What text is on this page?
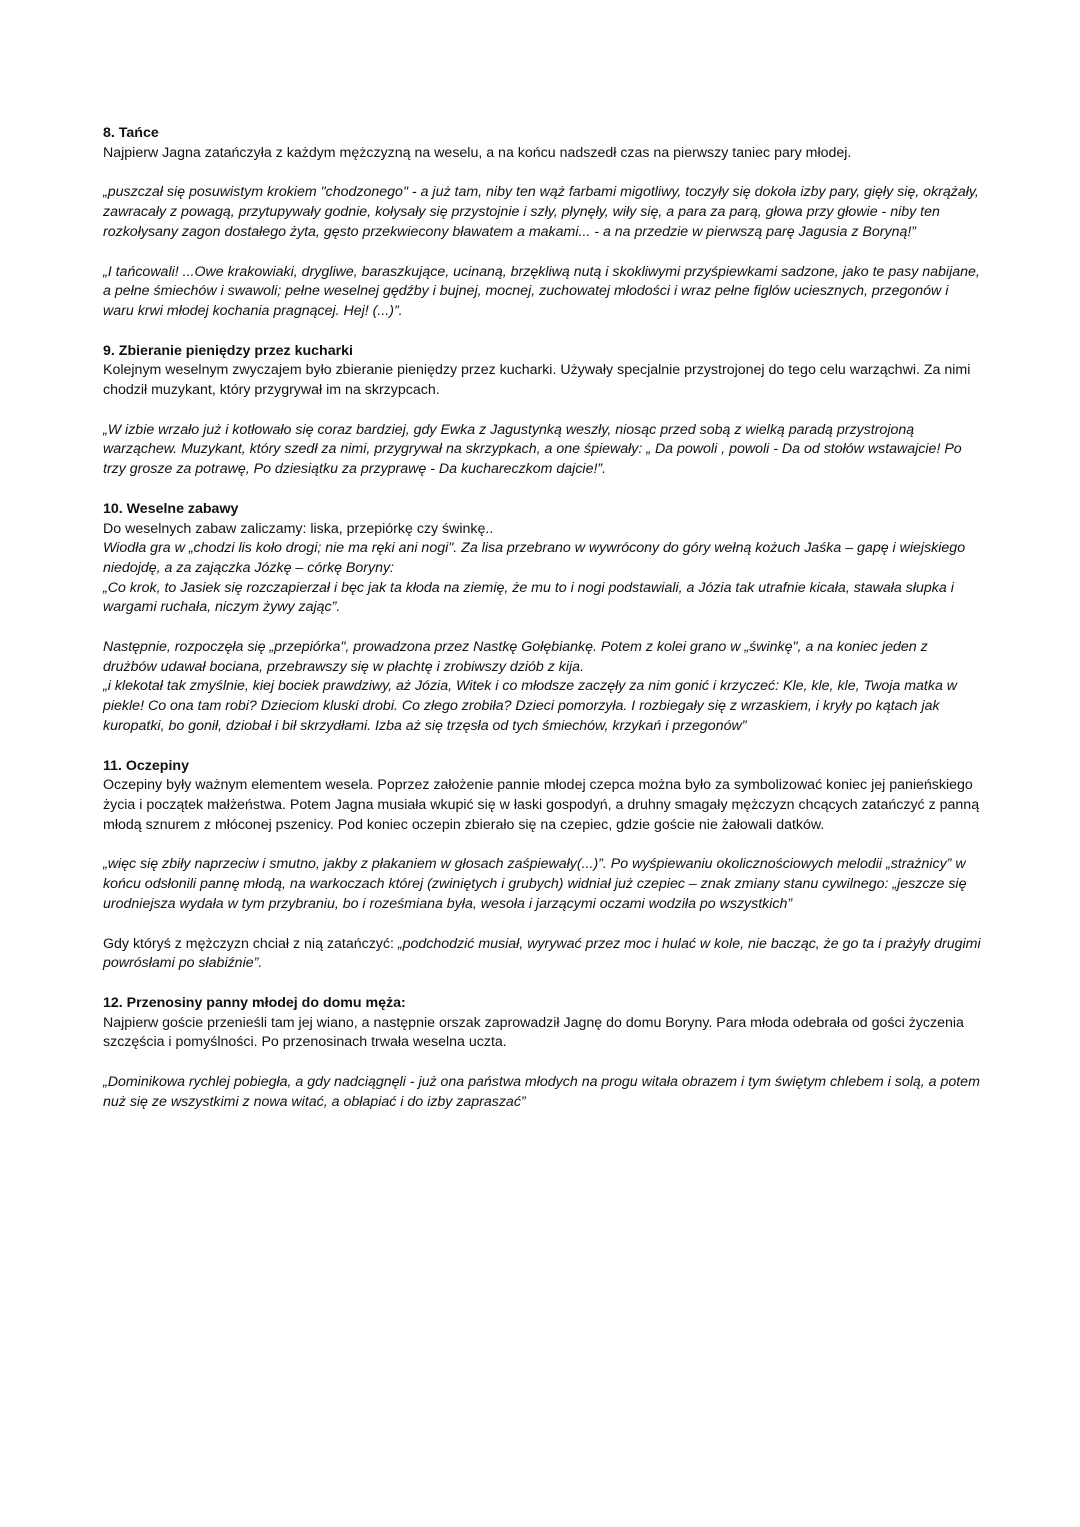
8. Tańce

Najpierw Jagna zatańczyła z każdym mężczyzną na weselu, a na końcu nadszedł czas na pierwszy taniec pary młodej.

„puszczał się posuwistym krokiem "chodzonego" - a już tam, niby ten wąż farbami migotliwy, toczyły się dokoła izby pary, gięły się, okrążały, zawracały z powagą, przytupywały godnie, kołysały się przystojnie i szły, płynęły, wiły się, a para za parą, głowa przy głowie - niby ten rozkołysany zagon dostałego żyta, gęsto przekwiecony bławatem a makami... - a na przedzie w pierwszą parę Jagusia z Boryną!”

„I tańcowali! ...Owe krakowiaki, drygliwe, baraszkujące, ucinaną, brzękliwą nutą i skokliwymi przyśpiewkami sadzone, jako te pasy nabijane, a pełne śmiechów i swawoli; pełne weselnej gędźby i bujnej, mocnej, zuchowatej młodości i wraz pełne figlów uciesznych, przegonów i waru krwi młodej kochania pragnącej. Hej! (...)”.

9. Zbieranie pieniędzy przez kucharki

Kolejnym weselnym zwyczajem było zbieranie pieniędzy przez kucharki. Używały specjalnie przystrojonej do tego celu warząchwi. Za nimi chodził muzykant, który przygrywał im na skrzypcach.

„W izbie wrzało już i kotłowało się coraz bardziej, gdy Ewka z Jagustynką weszły, niosąc przed sobą z wielką paradą przystrojoną warząchew. Muzykant, który szedł za nimi, przygrywał na skrzypkach, a one śpiewały: „ Da powoli , powoli - Da od stołów wstawajcie! Po trzy grosze za potrawę, Po dziesiątku za przyprawę - Da kuchareczkom dajcie!”.

10. Weselne zabawy

Do weselnych zabaw zaliczamy: liska, przepiórkę czy świnkę..

Wiodła gra w „chodzi lis koło drogi; nie ma ręki ani nogi". Za lisa przebrano w wywrócony do góry wełną kożuch Jaśka – gapę i wiejskiego niedojdę, a za zajączka Józkę – córkę Boryny:

„Co krok, to Jasiek się rozczapierzał i bęc jak ta kłoda na ziemię, że mu to i nogi podstawiali, a Józia tak utrafnie kicała, stawała słupka i wargami ruchała, niczym żywy zając”.

Następnie, rozpoczęła się „przepiórka", prowadzona przez Nastkę Gołębiankę. Potem z kolei grano w „świnkę", a na koniec jeden z drużbów udawał bociana, przebrawszy się w płachtę i zrobiwszy dziób z kija.

„i klekotał tak zmyślnie, kiej bociek prawdziwy, aż Józia, Witek i co młodsze zaczęły za nim gonić i krzyczeć: Kle, kle, kle, Twoja matka w piekle! Co ona tam robi? Dzieciom kluski drobi. Co złego zrobiła? Dzieci pomorzyła. I rozbiegały się z wrzaskiem, i kryły po kątach jak kuropatki, bo gonił, dziobał i bił skrzydłami. Izba aż się trzęsła od tych śmiechów, krzykań i przegonów”

11. Oczepiny

Oczepiny były ważnym elementem wesela. Poprzez założenie pannie młodej czepca można było za symbolizować koniec jej panieńskiego życia i początek małżeństwa. Potem Jagna musiała wkupić się w łaski gospodyń, a druhny smagały mężczyzn chcących zatańczyć z panną młodą sznurem z młóconej pszenicy. Pod koniec oczepin zbierało się na czepiec, gdzie goście nie żałowali datków.

„więc się zbiły naprzeciw i smutno, jakby z płakaniem w głosach zaśpiewały(...)”. Po wyśpiewaniu okolicznościowych melodii „strażnicy” w końcu odsłonili pannę młodą, na warkoczach której (zwiniętych i grubych) widniał już czepiec – znak zmiany stanu cywilnego: „jeszcze się urodniejsza wydała w tym przybraniu, bo i roześmiana była, wesoła i jarzącymi oczami wodziła po wszystkich”

Gdy któryś z mężczyzn chciał z nią zatańczyć: „podchodzić musiał, wyrywać przez moc i hulać w kole, nie bacząc, że go ta i prażyły drugimi powrósłami po słabiźnie”.

12. Przenosiny panny młodej do domu męża:

Najpierw goście przenieśli tam jej wiano, a następnie orszak zaprowadził Jagnę do domu Boryny. Para młoda odebrała od gości życzenia szczęścia i pomyślności. Po przenosinach trwała weselna uczta.

„Dominikowa rychlej pobiegła, a gdy nadciągnęli - już ona państwa młodych na progu witała obrazem i tym świętym chlebem i solą, a potem nuż się ze wszystkimi z nowa witać, a obłapiać i do izby zapraszać”
